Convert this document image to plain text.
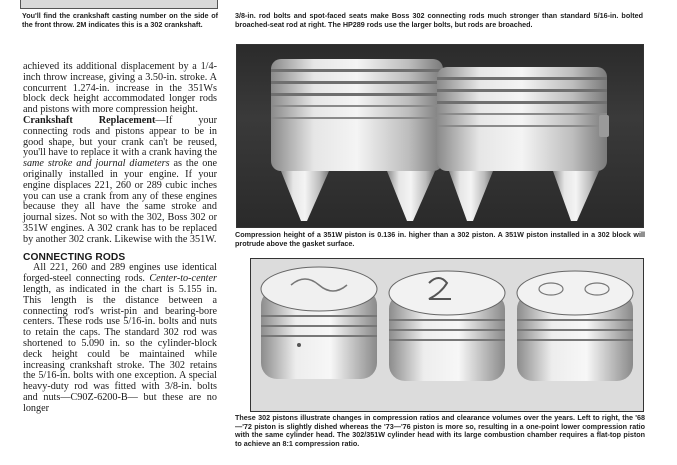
You'll find the crankshaft casting number on the side of the front throw. 2M indicates this is a 302 crankshaft.

achieved its additional displacement by a 1/4-inch throw increase, giving a 3.50-in. stroke. A concurrent 1.274-in. increase in the 351Ws block deck height accommodated longer rods and pistons with more compression height.

Crankshaft Replacement—If your connecting rods and pistons appear to be in good shape, but your crank can't be reused, you'll have to replace it with a crank having the same stroke and journal diameters as the one originally installed in your engine. If your engine displaces 221, 260 or 289 cubic inches you can use a crank from any of these engines because they all have the same stroke and journal sizes. Not so with the 302, Boss 302 or 351W engines. A 302 crank has to be replaced by another 302 crank. Likewise with the 351W.

CONNECTING RODS

All 221, 260 and 289 engines use identical forged-steel connecting rods. Center-to-center length, as indicated in the chart is 5.155 in. This length is the distance between a connecting rod's wrist-pin and bearing-bore centers. These rods use 5/16-in. bolts and nuts to retain the caps. The standard 302 rod was shortened to 5.090 in. so the cylinder-block deck height could be maintained while increasing crankshaft stroke. The 302 retains the 5/16-in. bolts with one exception. A special heavy-duty rod was fitted with 3/8-in. bolts and nuts—C90Z-6200-B— but these are no longer

3/8-in. rod bolts and spot-faced seats make Boss 302 connecting rods much stronger than standard 5/16-in. bolted broached-seat rod at right. The HP289 rods use the larger bolts, but rods are broached.
Compression height of a 351W piston is 0.136 in. higher than a 302 piston. A 351W piston installed in a 302 block will protrude above the gasket surface.
These 302 pistons illustrate changes in compression ratios and clearance volumes over the years. Left to right, the '68—'72 piston is slightly dished whereas the '73—'76 piston is more so, resulting in a one-point lower compression ratio with the same cylinder head. The 302/351W cylinder head with its large combustion chamber requires a flat-top piston to achieve an 8:1 compression ratio.
